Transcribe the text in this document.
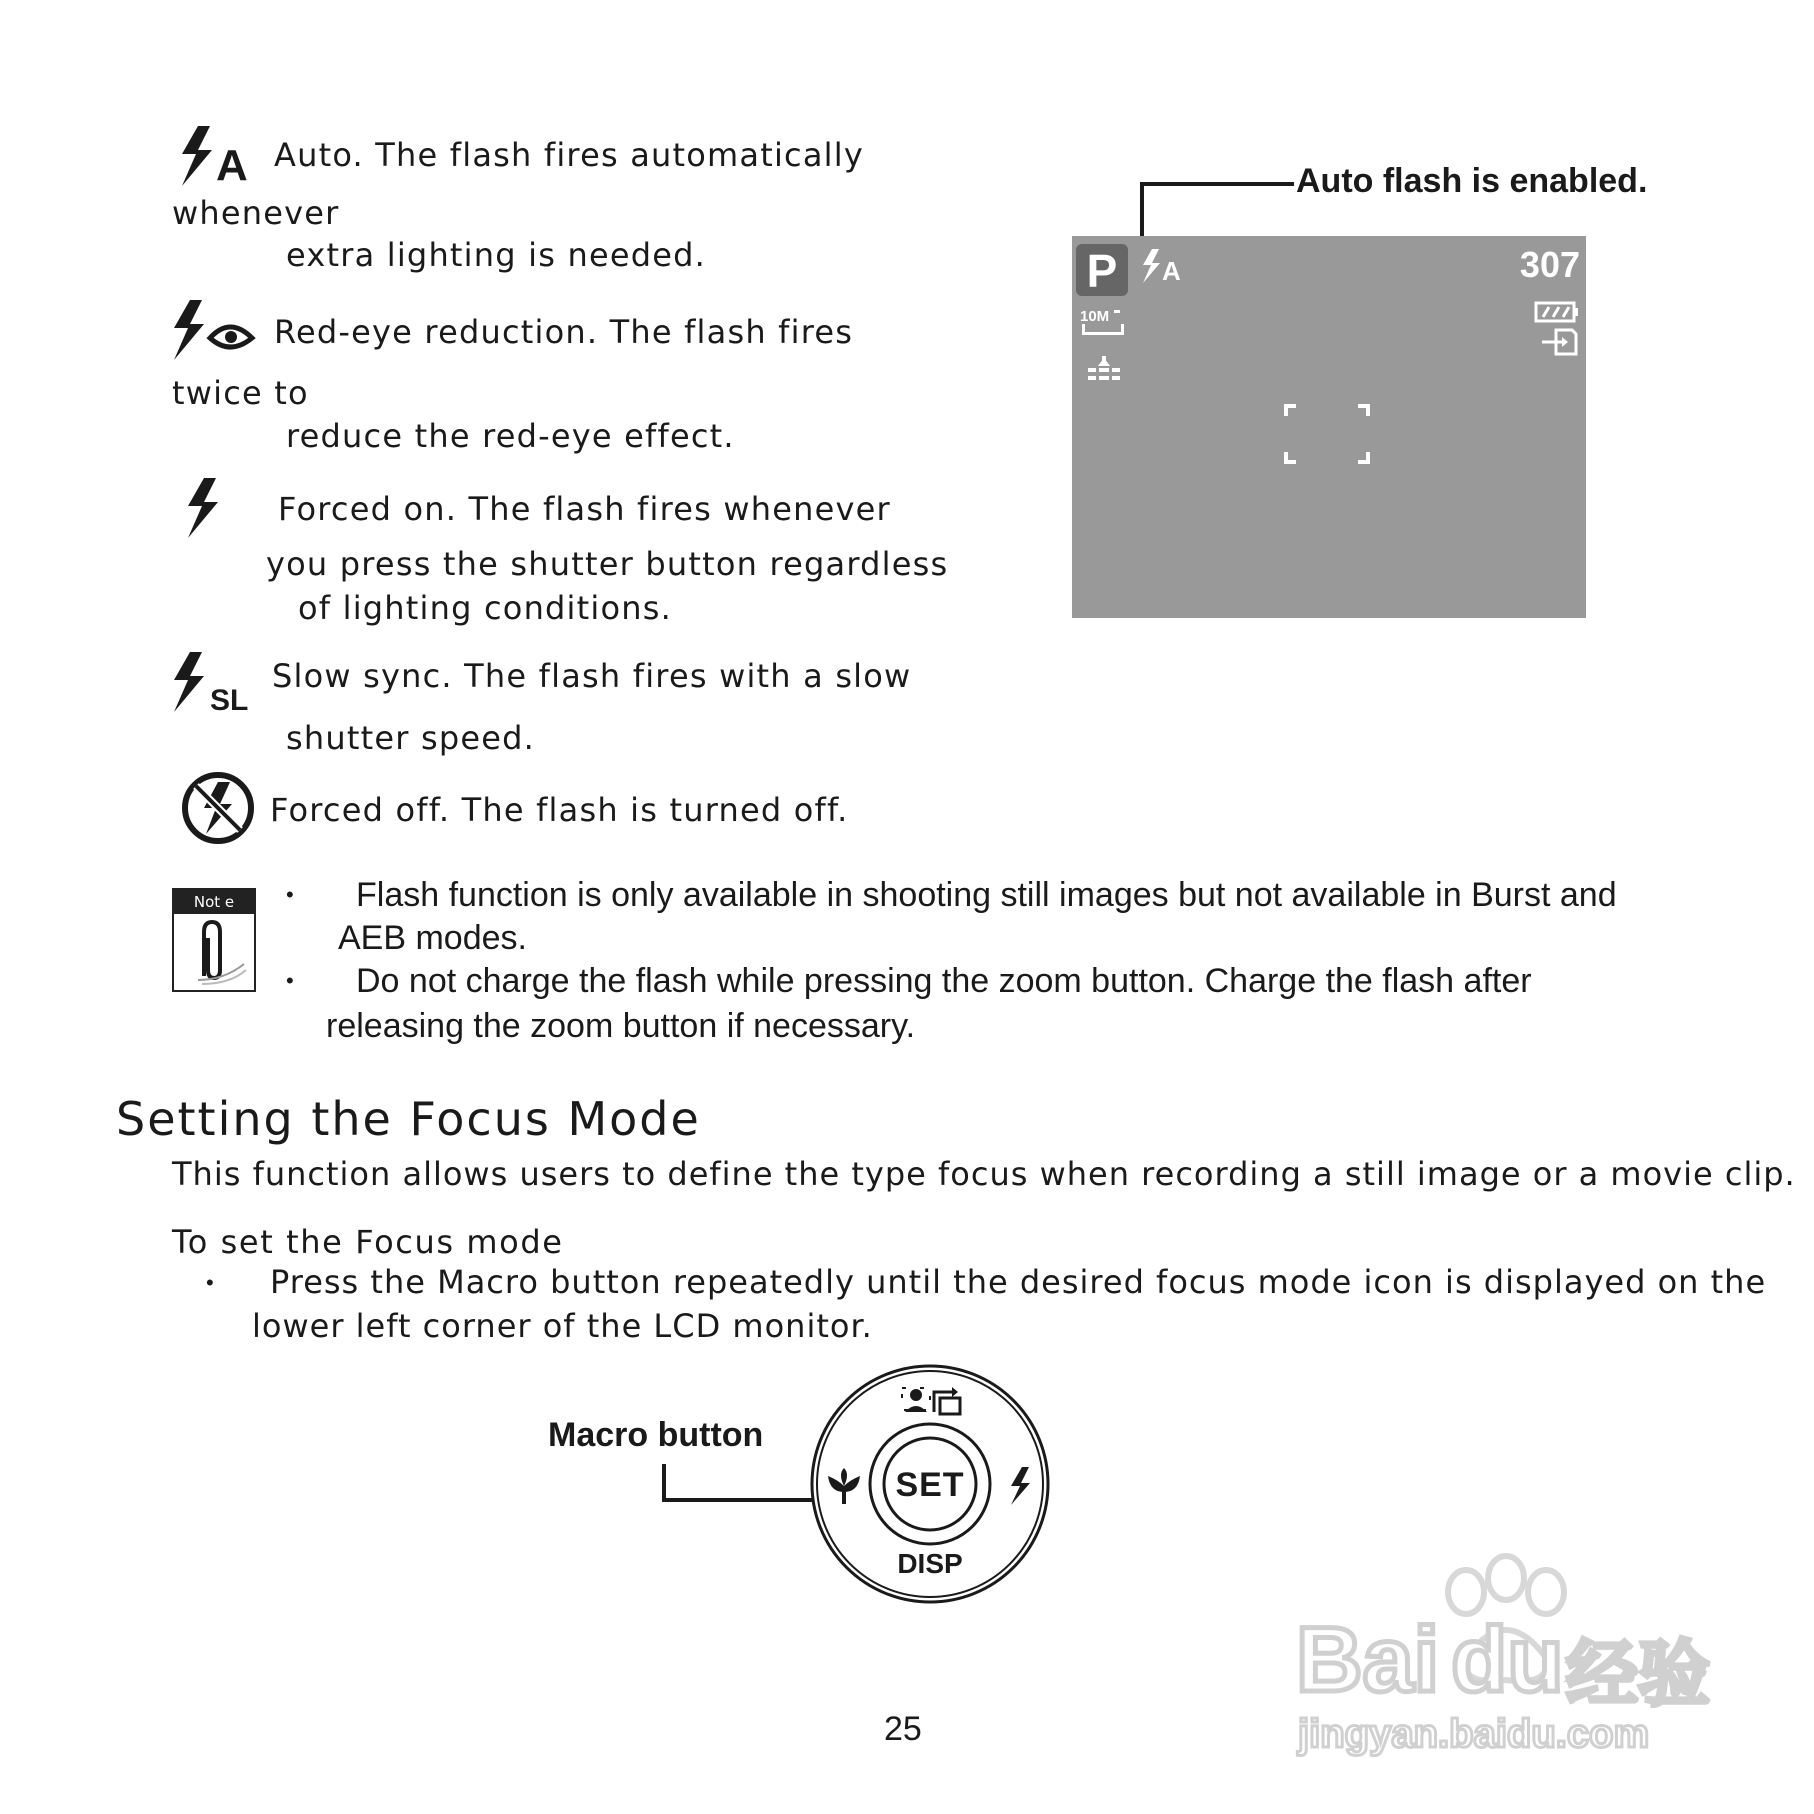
A Auto. The flash fires automatically
whenever
extra lighting is needed.
Red-eye reduction. The flash fires
twice to
reduce the red-eye effect.
Forced on. The flash fires whenever
you press the shutter button regardless
of lighting conditions.
SL
Slow sync. The flash fires with a slow
shutter speed.
Forced off. The flash is turned off.
Auto flash is enabled.
P	A	307
10M
Not e	• Flash function is only available in shooting still images but not available in Burst and
AEB modes.
• Do not charge the flash while pressing the zoom button. Charge the flash after
releasing the zoom button if necessary.
Setting the Focus Mode
This function allows users to define the type focus when recording a still image or a movie clip.
To set the Focus mode
• Press the Macro button repeatedly until the desired focus mode icon is displayed on the
lower left corner of the LCD monitor.
Macro button
SET
DISP
25
Bai du 经验
jingyan.baidu.com
